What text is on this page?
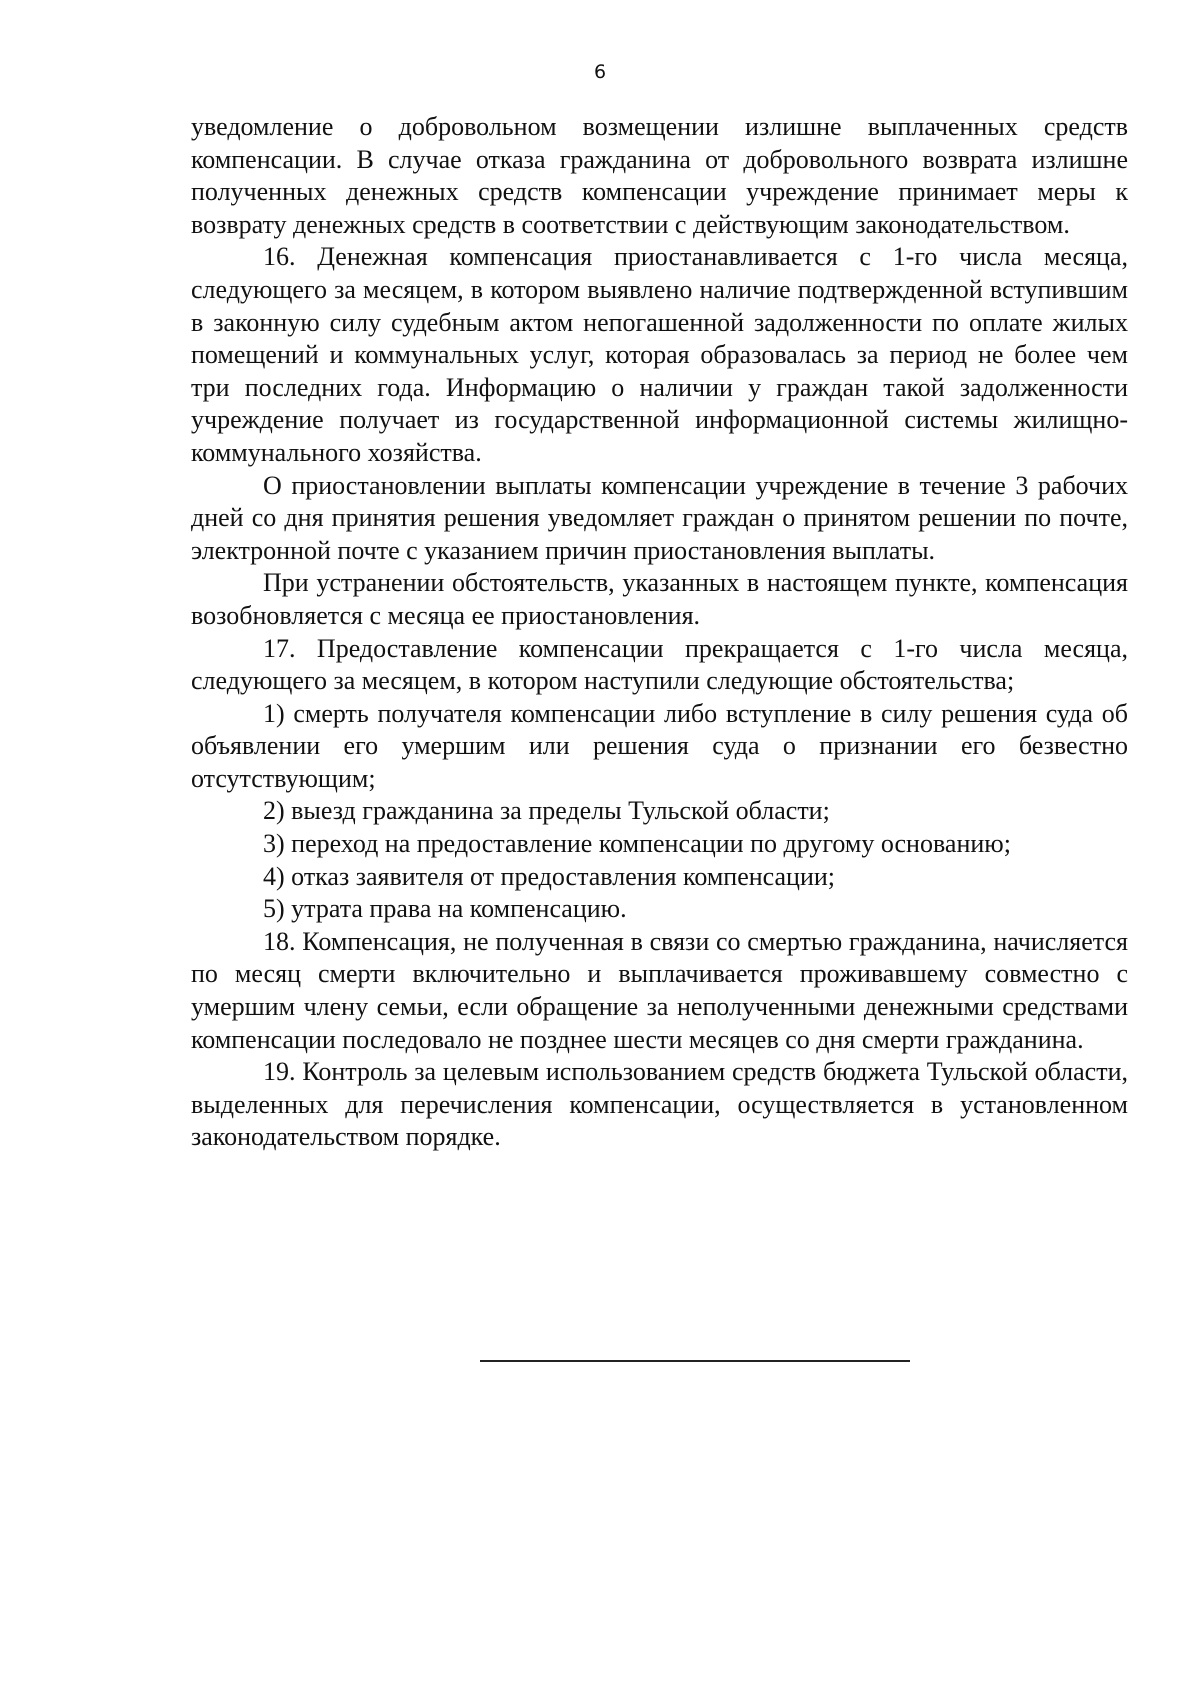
6

уведомление о добровольном возмещении излишне выплаченных средств компенсации. В случае отказа гражданина от добровольного возврата излишне полученных денежных средств компенсации учреждение принимает меры к возврату денежных средств в соответствии с действующим законодательством.

16. Денежная компенсация приостанавливается с 1-го числа месяца, следующего за месяцем, в котором выявлено наличие подтвержденной вступившим в законную силу судебным актом непогашенной задолженности по оплате жилых помещений и коммунальных услуг, которая образовалась за период не более чем три последних года. Информацию о наличии у граждан такой задолженности учреждение получает из государственной информационной системы жилищно-коммунального хозяйства.

О приостановлении выплаты компенсации учреждение в течение 3 рабочих дней со дня принятия решения уведомляет граждан о принятом решении по почте, электронной почте с указанием причин приостановления выплаты.

При устранении обстоятельств, указанных в настоящем пункте, компенсация возобновляется с месяца ее приостановления.

17. Предоставление компенсации прекращается с 1-го числа месяца, следующего за месяцем, в котором наступили следующие обстоятельства;

1) смерть получателя компенсации либо вступление в силу решения суда об объявлении его умершим или решения суда о признании его безвестно отсутствующим;

2) выезд гражданина за пределы Тульской области;

3) переход на предоставление компенсации по другому основанию;

4) отказ заявителя от предоставления компенсации;

5) утрата права на компенсацию.

18. Компенсация, не полученная в связи со смертью гражданина, начисляется по месяц смерти включительно и выплачивается проживавшему совместно с умершим члену семьи, если обращение за неполученными денежными средствами компенсации последовало не позднее шести месяцев со дня смерти гражданина.

19. Контроль за целевым использованием средств бюджета Тульской области, выделенных для перечисления компенсации, осуществляется в установленном законодательством порядке.
